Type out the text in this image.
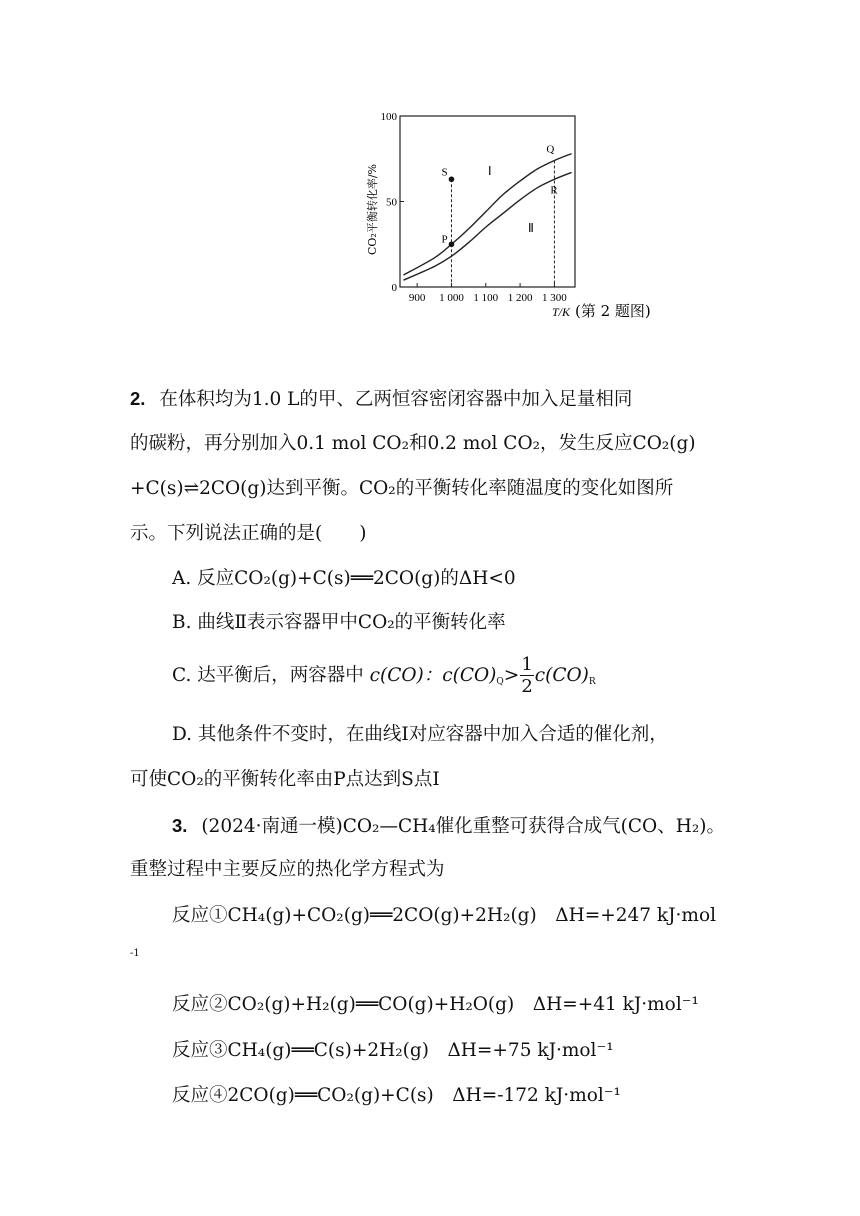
100
50
0
900 1 000 1 100 1 200 1 300
T/K (第 2 题图)
CO₂平衡转化率/%	S
P
Q
R
Ⅰ
Ⅱ
2. 在体积均为1.0 L的甲、乙两恒容密闭容器中加入足量相同
的碳粉，再分别加入0.1 mol CO₂和0.2 mol CO₂，发生反应CO₂(g)
+C(s)⇌2CO(g)达到平衡。CO₂的平衡转化率随温度的变化如图所
示。下列说法正确的是(　　)
A. 反应CO₂(g)+C(s)══2CO(g)的ΔH<0
B. 曲线Ⅱ表示容器甲中CO₂的平衡转化率
C. 达平衡后，两容器中 c(CO)：$c(CO)_Q> \frac{1}{2} c(CO)_R$
D. 其他条件不变时，在曲线Ⅰ对应容器中加入合适的催化剂，
可使CO₂的平衡转化率由P点达到S点Ⅰ
3. (2024·南通一模)CO₂—CH₄催化重整可获得合成气(CO、H₂)。
重整过程中主要反应的热化学方程式为
反应①CH₄(g)+CO₂(g)══2CO(g)+2H₂(g)　ΔH=+247 kJ·mol
-1
反应②CO₂(g)+H₂(g)══CO(g)+H₂O(g)　ΔH=+41 kJ·mol⁻¹
反应③CH₄(g)══C(s)+2H₂(g)　ΔH=+75 kJ·mol⁻¹
反应④2CO(g)══CO₂(g)+C(s)　ΔH=-172 kJ·mol⁻¹
